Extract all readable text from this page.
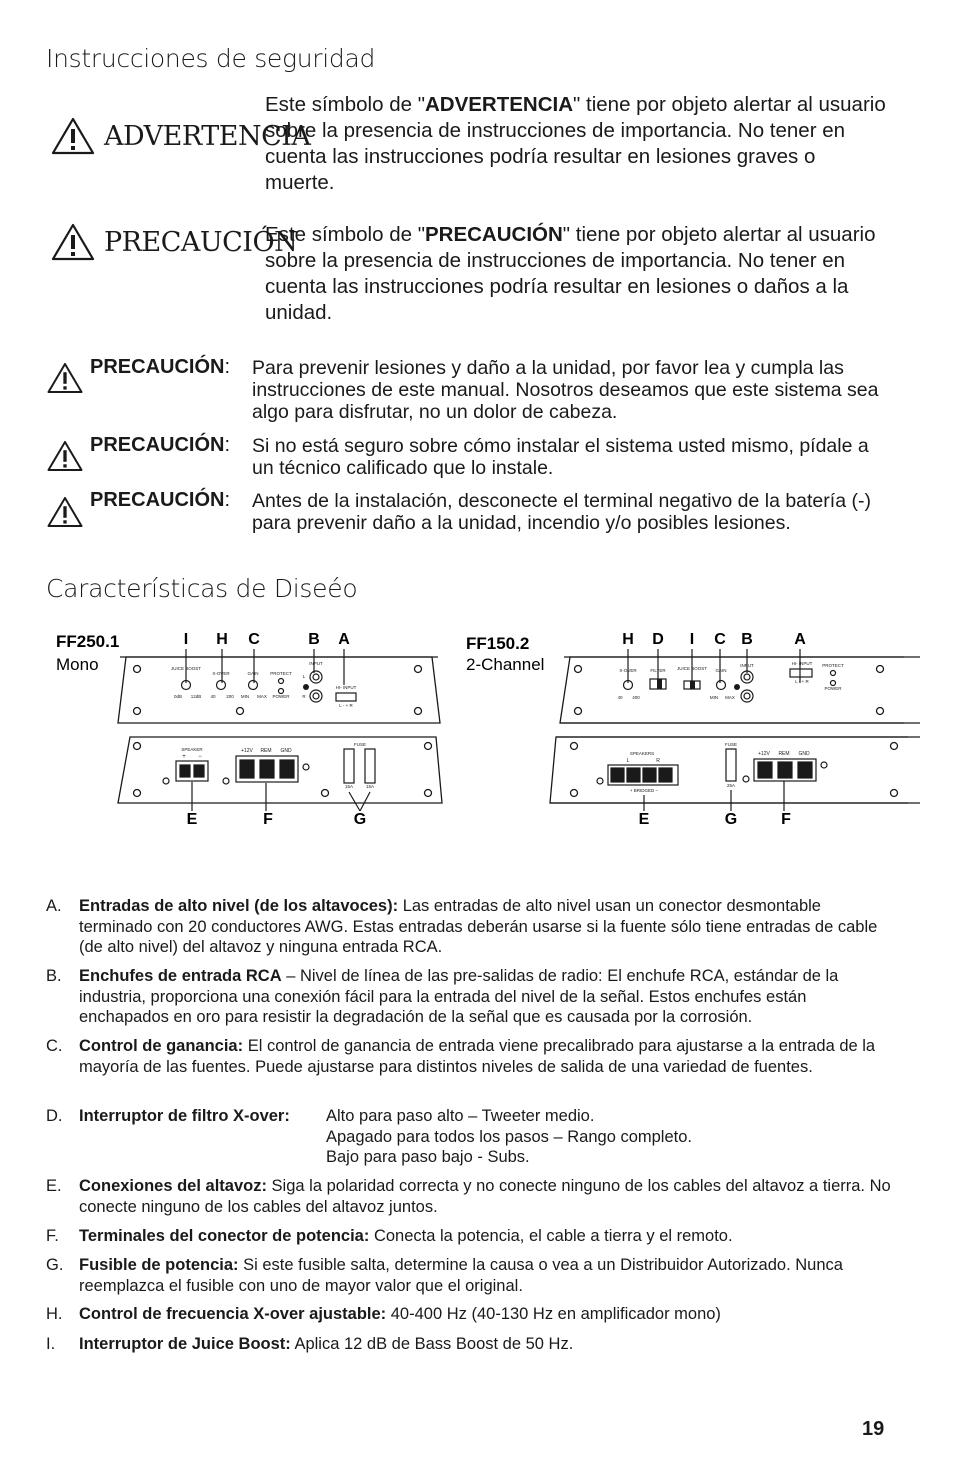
Instrucciones de seguridad
ADVERTENCIA

Este símbolo de "ADVERTENCIA" tiene por objeto alertar al usuario sobre la presencia de instrucciones de importancia. No tener en cuenta las instrucciones podría resultar en lesiones graves o muerte.

PRECAUCIÓN

Este símbolo de "PRECAUCIÓN" tiene por objeto alertar al usuario sobre la presencia de instrucciones de importancia. No tener en cuenta las instrucciones podría resultar en lesiones o daños a la unidad.

PRECAUCIÓN: Para prevenir lesiones y daño a la unidad, por favor lea y cumpla las instrucciones de este manual. Nosotros deseamos que este sistema sea algo para disfrutar, no un dolor de cabeza.
PRECAUCIÓN: Si no está seguro sobre cómo instalar el sistema usted mismo, pídale a un técnico calificado que lo instale.
PRECAUCIÓN: Antes de la instalación, desconecte el terminal negativo de la batería (-) para prevenir daño a la unidad, incendio y/o posibles lesiones.
Características de Diseéo
FF250.1
Mono
I H C	B A
JUICE BOOST
X-OVER	GAIN	PROTECT
POWER
INPUT
HI- INPUT
L
R
0dB 12dB 40 200 MIN MAX
L - + R
SPEAKER
+ −
+12V REM GND
FUSE
15A	15A
E	F	G
FF150.2
2-Channel
H D I C B	A
X-OVER	FILTER	JUICE BOOST GAIN
INPUT	HI- INPUT PROTECT
POWER
40 400	MIN MAX
L - + R
SPEAKERS
L	R
+ BRIDGED −
FUSE
25A
+12V REM GND
E	G	F
A.	Entradas de alto nivel (de los altavoces): Las entradas de alto nivel usan un conector desmontable terminado con 20 conductores AWG. Estas entradas deberán usarse si la fuente sólo tiene entradas de cable (de alto nivel) del altavoz y ninguna entrada RCA.
B.	Enchufes de entrada RCA – Nivel de línea de las pre-salidas de radio: El enchufe RCA, estándar de la industria, proporciona una conexión fácil para la entrada del nivel de la señal. Estos enchufes están enchapados en oro para resistir la degradación de la señal que es causada por la corrosión.
C.	Control de ganancia: El control de ganancia de entrada viene precalibrado para ajustarse a la entrada de la mayoría de las fuentes. Puede ajustarse para distintos niveles de salida de una variedad de fuentes.
D.	Interruptor de filtro X-over: Alto para paso alto – Tweeter medio.
Apagado para todos los pasos – Rango completo.
Bajo para paso bajo - Subs.
E.	Conexiones del altavoz: Siga la polaridad correcta y no conecte ninguno de los cables del altavoz a tierra. No conecte ninguno de los cables del altavoz juntos.
F.	Terminales del conector de potencia: Conecta la potencia, el cable a tierra y el remoto.
G. Fusible de potencia: Si este fusible salta, determine la causa o vea a un Distribuidor Autorizado. Nunca reemplazca el fusible con uno de mayor valor que el original.
H.	Control de frecuencia X-over ajustable: 40-400 Hz (40-130 Hz en amplificador mono)
I.	Interruptor de Juice Boost: Aplica 12 dB de Bass Boost de 50 Hz.
19
